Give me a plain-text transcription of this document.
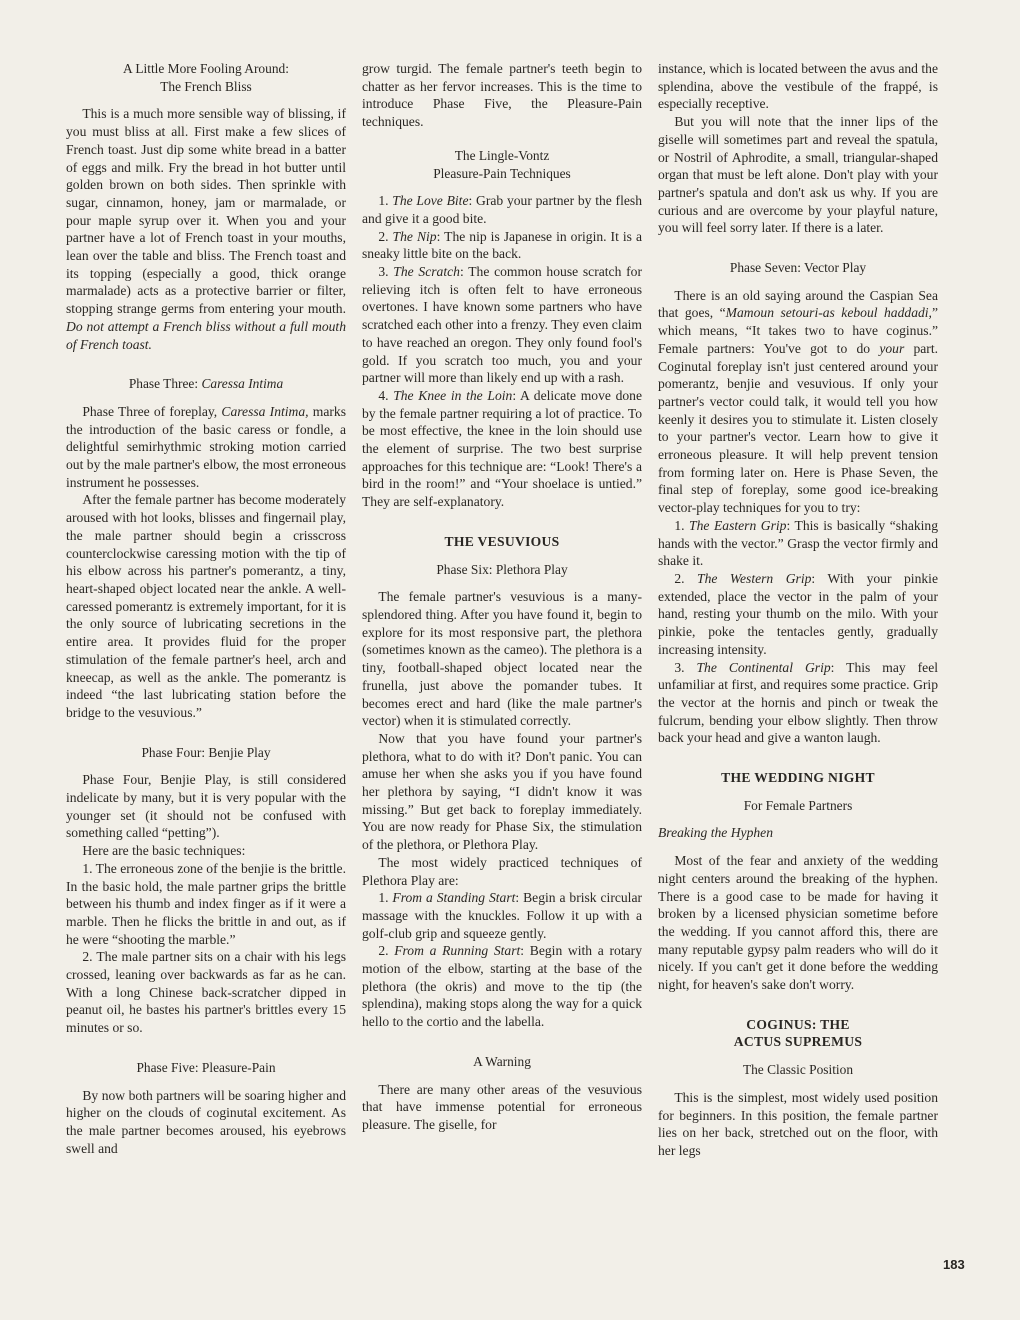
A Little More Fooling Around:
The French Bliss

This is a much more sensible way of blissing, if you must bliss at all. First make a few slices of French toast. Just dip some white bread in a batter of eggs and milk. Fry the bread in hot butter until golden brown on both sides. Then sprinkle with sugar, cinnamon, honey, jam or marmalade, or pour maple syrup over it. When you and your partner have a lot of French toast in your mouths, lean over the table and bliss. The French toast and its topping (especially a good, thick orange marmalade) acts as a protective barrier or filter, stopping strange germs from entering your mouth. Do not attempt a French bliss without a full mouth of French toast.

Phase Three: Caressa Intima

Phase Three of foreplay, Caressa Intima, marks the introduction of the basic caress or fondle, a delightful semirhythmic stroking motion carried out by the male partner's elbow, the most erroneous instrument he possesses.

After the female partner has become moderately aroused with hot looks, blisses and fingernail play, the male partner should begin a crisscross counterclockwise caressing motion with the tip of his elbow across his partner's pomerantz, a tiny, heart-shaped object located near the ankle. A well-caressed pomerantz is extremely important, for it is the only source of lubricating secretions in the entire area. It provides fluid for the proper stimulation of the female partner's heel, arch and kneecap, as well as the ankle. The pomerantz is indeed “the last lubricating station before the bridge to the vesuvious.”

Phase Four: Benjie Play

Phase Four, Benjie Play, is still considered indelicate by many, but it is very popular with the younger set (it should not be confused with something called “petting”).

Here are the basic techniques:

1. The erroneous zone of the benjie is the brittle. In the basic hold, the male partner grips the brittle between his thumb and index finger as if it were a marble. Then he flicks the brittle in and out, as if he were “shooting the marble.”

2. The male partner sits on a chair with his legs crossed, leaning over backwards as far as he can. With a long Chinese back-scratcher dipped in peanut oil, he bastes his partner's brittles every 15 minutes or so.

Phase Five: Pleasure-Pain

By now both partners will be soaring higher and higher on the clouds of coginutal excitement. As the male partner becomes aroused, his eyebrows swell and

grow turgid. The female partner's teeth begin to chatter as her fervor increases. This is the time to introduce Phase Five, the Pleasure-Pain techniques.

The Lingle-Vontz
Pleasure-Pain Techniques

1. The Love Bite: Grab your partner by the flesh and give it a good bite.

2. The Nip: The nip is Japanese in origin. It is a sneaky little bite on the back.

3. The Scratch: The common house scratch for relieving itch is often felt to have erroneous overtones. I have known some partners who have scratched each other into a frenzy. They even claim to have reached an oregon. They only found fool's gold. If you scratch too much, you and your partner will more than likely end up with a rash.

4. The Knee in the Loin: A delicate move done by the female partner requiring a lot of practice. To be most effective, the knee in the loin should use the element of surprise. The two best surprise approaches for this technique are: “Look! There's a bird in the room!” and “Your shoelace is untied.” They are self-explanatory.

THE VESUVIOUS
Phase Six: Plethora Play

The female partner's vesuvious is a many-splendored thing. After you have found it, begin to explore for its most responsive part, the plethora (sometimes known as the cameo). The plethora is a tiny, football-shaped object located near the frunella, just above the pomander tubes. It becomes erect and hard (like the male partner's vector) when it is stimulated correctly.

Now that you have found your partner's plethora, what to do with it? Don't panic. You can amuse her when she asks you if you have found her plethora by saying, “I didn't know it was missing.” But get back to foreplay immediately. You are now ready for Phase Six, the stimulation of the plethora, or Plethora Play.

The most widely practiced techniques of Plethora Play are:

1. From a Standing Start: Begin a brisk circular massage with the knuckles. Follow it up with a golf-club grip and squeeze gently.

2. From a Running Start: Begin with a rotary motion of the elbow, starting at the base of the plethora (the okris) and move to the tip (the splendina), making stops along the way for a quick hello to the cortio and the labella.

A Warning

There are many other areas of the vesuvious that have immense potential for erroneous pleasure. The giselle, for

instance, which is located between the avus and the splendina, above the vestibule of the frappé, is especially receptive.

But you will note that the inner lips of the giselle will sometimes part and reveal the spatula, or Nostril of Aphrodite, a small, triangular-shaped organ that must be left alone. Don't play with your partner's spatula and don't ask us why. If you are curious and are overcome by your playful nature, you will feel sorry later. If there is a later.

Phase Seven: Vector Play

There is an old saying around the Caspian Sea that goes, “Mamoun setouri-as keboul haddadi,” which means, “It takes two to have coginus.” Female partners: You've got to do your part. Coginutal foreplay isn't just centered around your pomerantz, benjie and vesuvious. If only your partner's vector could talk, it would tell you how keenly it desires you to stimulate it. Listen closely to your partner's vector. Learn how to give it erroneous pleasure. It will help prevent tension from forming later on. Here is Phase Seven, the final step of foreplay, some good ice-breaking vector-play techniques for you to try:

1. The Eastern Grip: This is basically “shaking hands with the vector.” Grasp the vector firmly and shake it.

2. The Western Grip: With your pinkie extended, place the vector in the palm of your hand, resting your thumb on the milo. With your pinkie, poke the tentacles gently, gradually increasing intensity.

3. The Continental Grip: This may feel unfamiliar at first, and requires some practice. Grip the vector at the hornis and pinch or tweak the fulcrum, bending your elbow slightly. Then throw back your head and give a wanton laugh.

THE WEDDING NIGHT
For Female Partners
Breaking the Hyphen

Most of the fear and anxiety of the wedding night centers around the breaking of the hyphen. There is a good case to be made for having it broken by a licensed physician sometime before the wedding. If you cannot afford this, there are many reputable gypsy palm readers who will do it nicely. If you can't get it done before the wedding night, for heaven's sake don't worry.

COGINUS: THE
ACTUS SUPREMUS
The Classic Position

This is the simplest, most widely used position for beginners. In this position, the female partner lies on her back, stretched out on the floor, with her legs

183
